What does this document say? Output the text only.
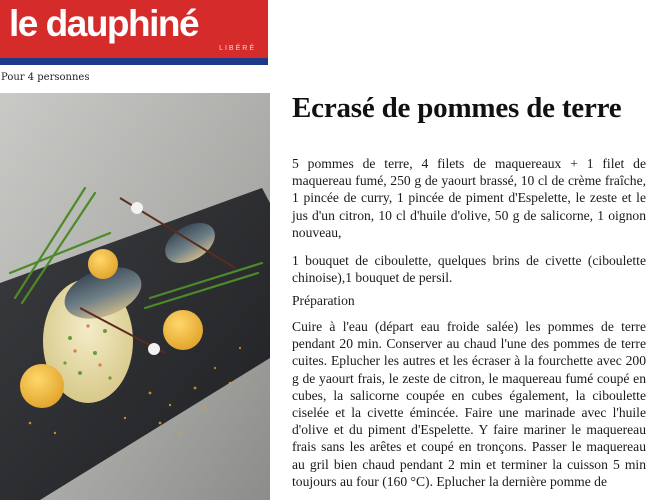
le dauphiné
LIBÉRÉ
Pour 4 personnes
Ecrasé de pommes de terre

5 pommes de terre, 4 filets de maquereaux + 1 filet de maquereau fumé, 250 g de yaourt brassé, 10 cl de crème fraîche, 1 pincée de curry, 1 pincée de piment d'Espelette, le zeste et le jus d'un citron, 10 cl d'huile d'olive, 50 g de salicorne, 1 oignon nouveau,

1 bouquet de ciboulette, quelques brins de civette (ciboulette chinoise),1 bouquet de persil.

Préparation

Cuire à l'eau (départ eau froide salée) les pommes de terre pendant 20 min. Conserver au chaud l'une des pommes de terre cuites. Eplucher les autres et les écraser à la fourchette avec 200 g de yaourt frais, le zeste de citron, le maquereau fumé coupé en cubes, la salicorne coupée en cubes également, la ciboulette ciselée et la civette émincée. Faire une marinade avec l'huile d'olive et du piment d'Espelette. Y faire mariner le maquereau frais sans les arêtes et coupé en tronçons. Passer le maquereau au gril bien chaud pendant 2 min et terminer la cuisson 5 min toujours au four (160 °C). Eplucher la dernière pomme de
